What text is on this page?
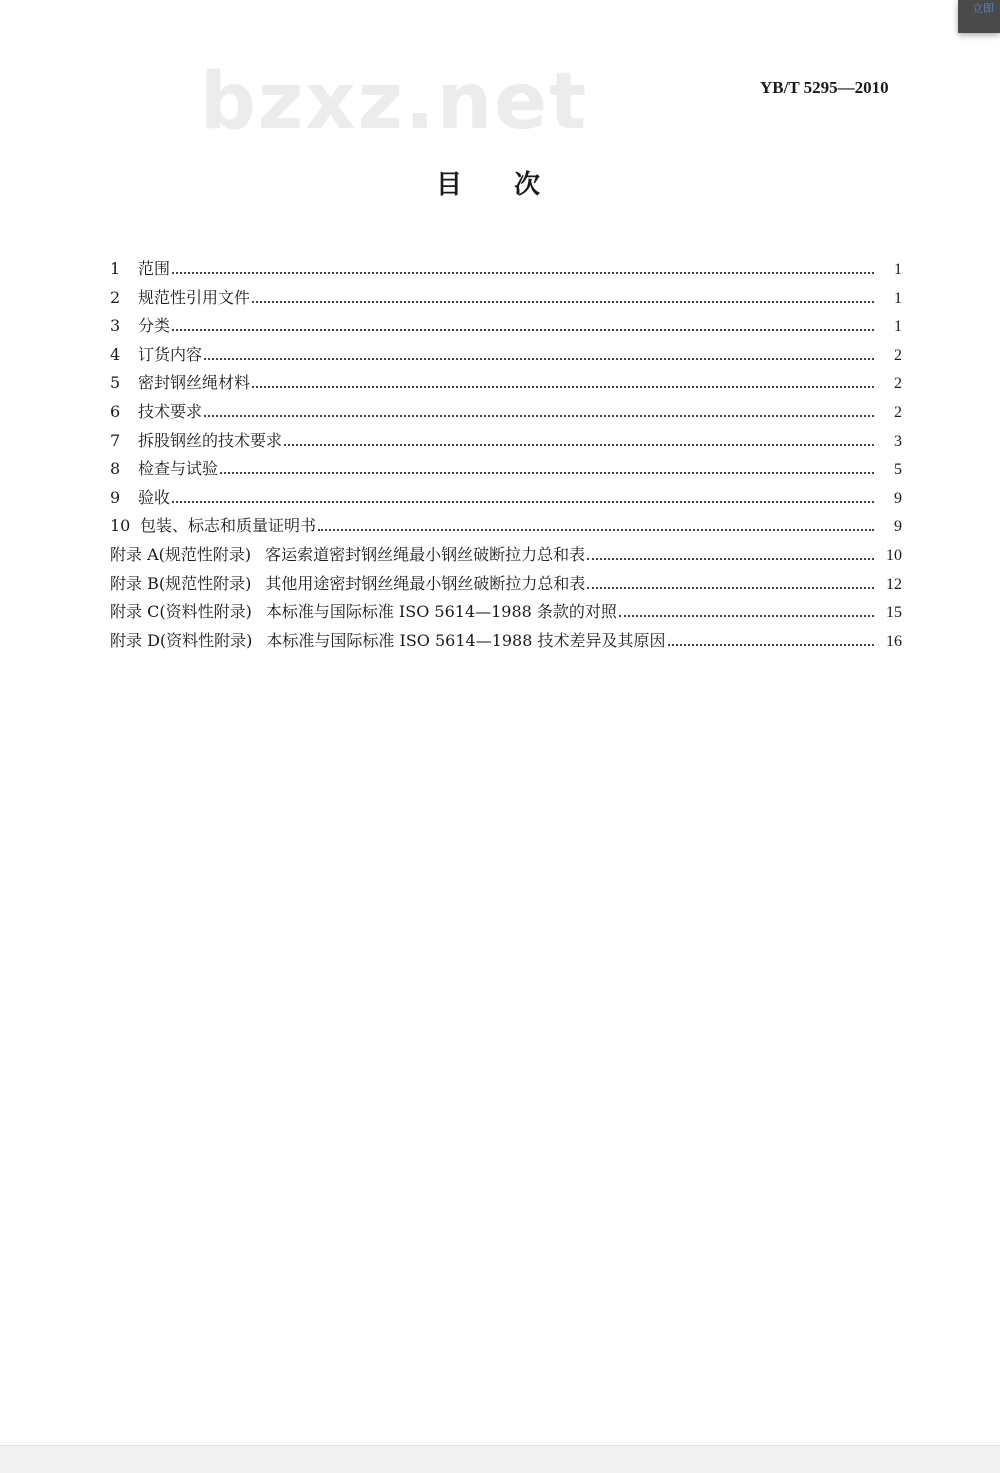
bzxz.net	YB/T 5295—2010
目次
1	范围	1
2	规范性引用文件	1
3	分类	1
4	订货内容	2
5	密封钢丝绳材料	2
6	技术要求	2
7	拆股钢丝的技术要求	3
8	检查与试验	5
9	验收	9
10 包装、标志和质量证明书	9
附录 A(规范性附录) 客运索道密封钢丝绳最小钢丝破断拉力总和表	10
附录 B(规范性附录) 其他用途密封钢丝绳最小钢丝破断拉力总和表	12
附录 C(资料性附录) 本标准与国际标准 ISO 5614—1988 条款的对照	15
附录 D(资料性附录) 本标准与国际标准 ISO 5614—1988 技术差异及其原因	16
立即
